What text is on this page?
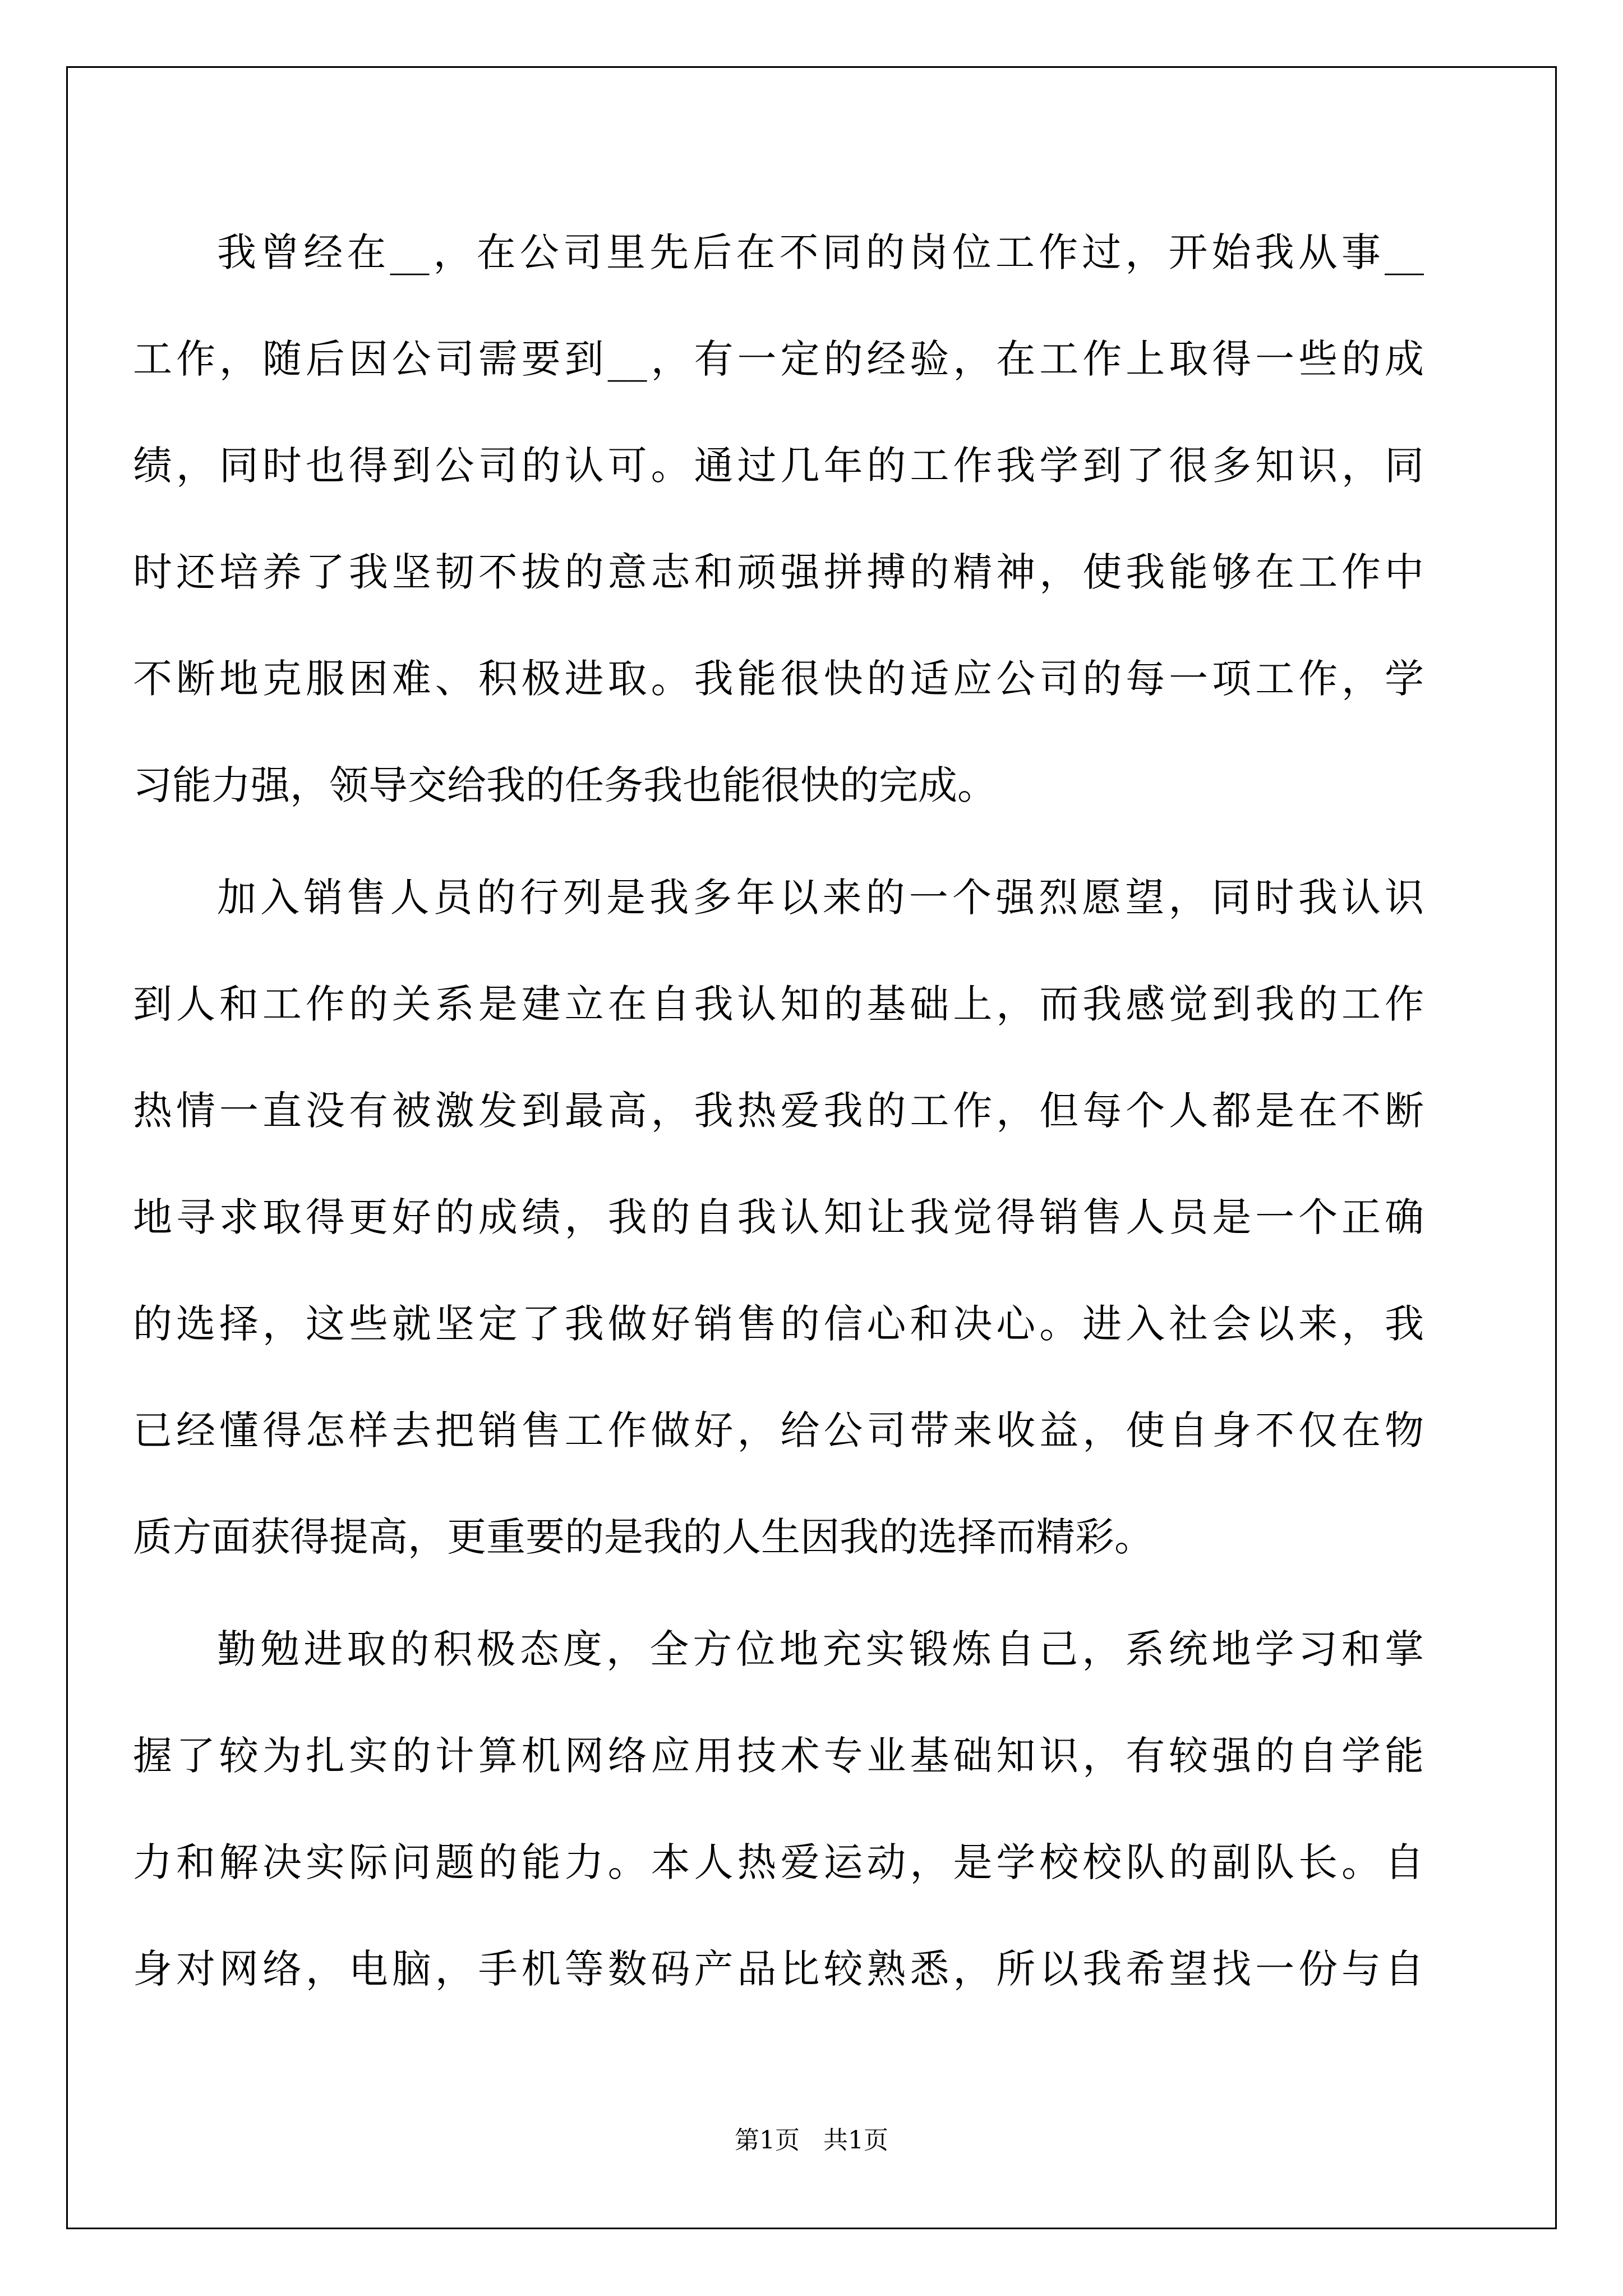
我曾经在__，在公司里先后在不同的岗位工作过，开始我从事__
工作，随后因公司需要到__，有一定的经验，在工作上取得一些的成
绩，同时也得到公司的认可。通过几年的工作我学到了很多知识，同
时还培养了我坚韧不拔的意志和顽强拼搏的精神，使我能够在工作中
不断地克服困难、积极进取。我能很快的适应公司的每一项工作，学
习能力强，领导交给我的任务我也能很快的完成。
加入销售人员的行列是我多年以来的一个强烈愿望，同时我认识
到人和工作的关系是建立在自我认知的基础上，而我感觉到我的工作
热情一直没有被激发到最高，我热爱我的工作，但每个人都是在不断
地寻求取得更好的成绩，我的自我认知让我觉得销售人员是一个正确
的选择，这些就坚定了我做好销售的信心和决心。进入社会以来，我
已经懂得怎样去把销售工作做好，给公司带来收益，使自身不仅在物
质方面获得提高，更重要的是我的人生因我的选择而精彩。
勤勉进取的积极态度，全方位地充实锻炼自己，系统地学习和掌
握了较为扎实的计算机网络应用技术专业基础知识，有较强的自学能
力和解决实际问题的能力。本人热爱运动，是学校校队的副队长。自
身对网络，电脑，手机等数码产品比较熟悉，所以我希望找一份与自
第1页   共1页
